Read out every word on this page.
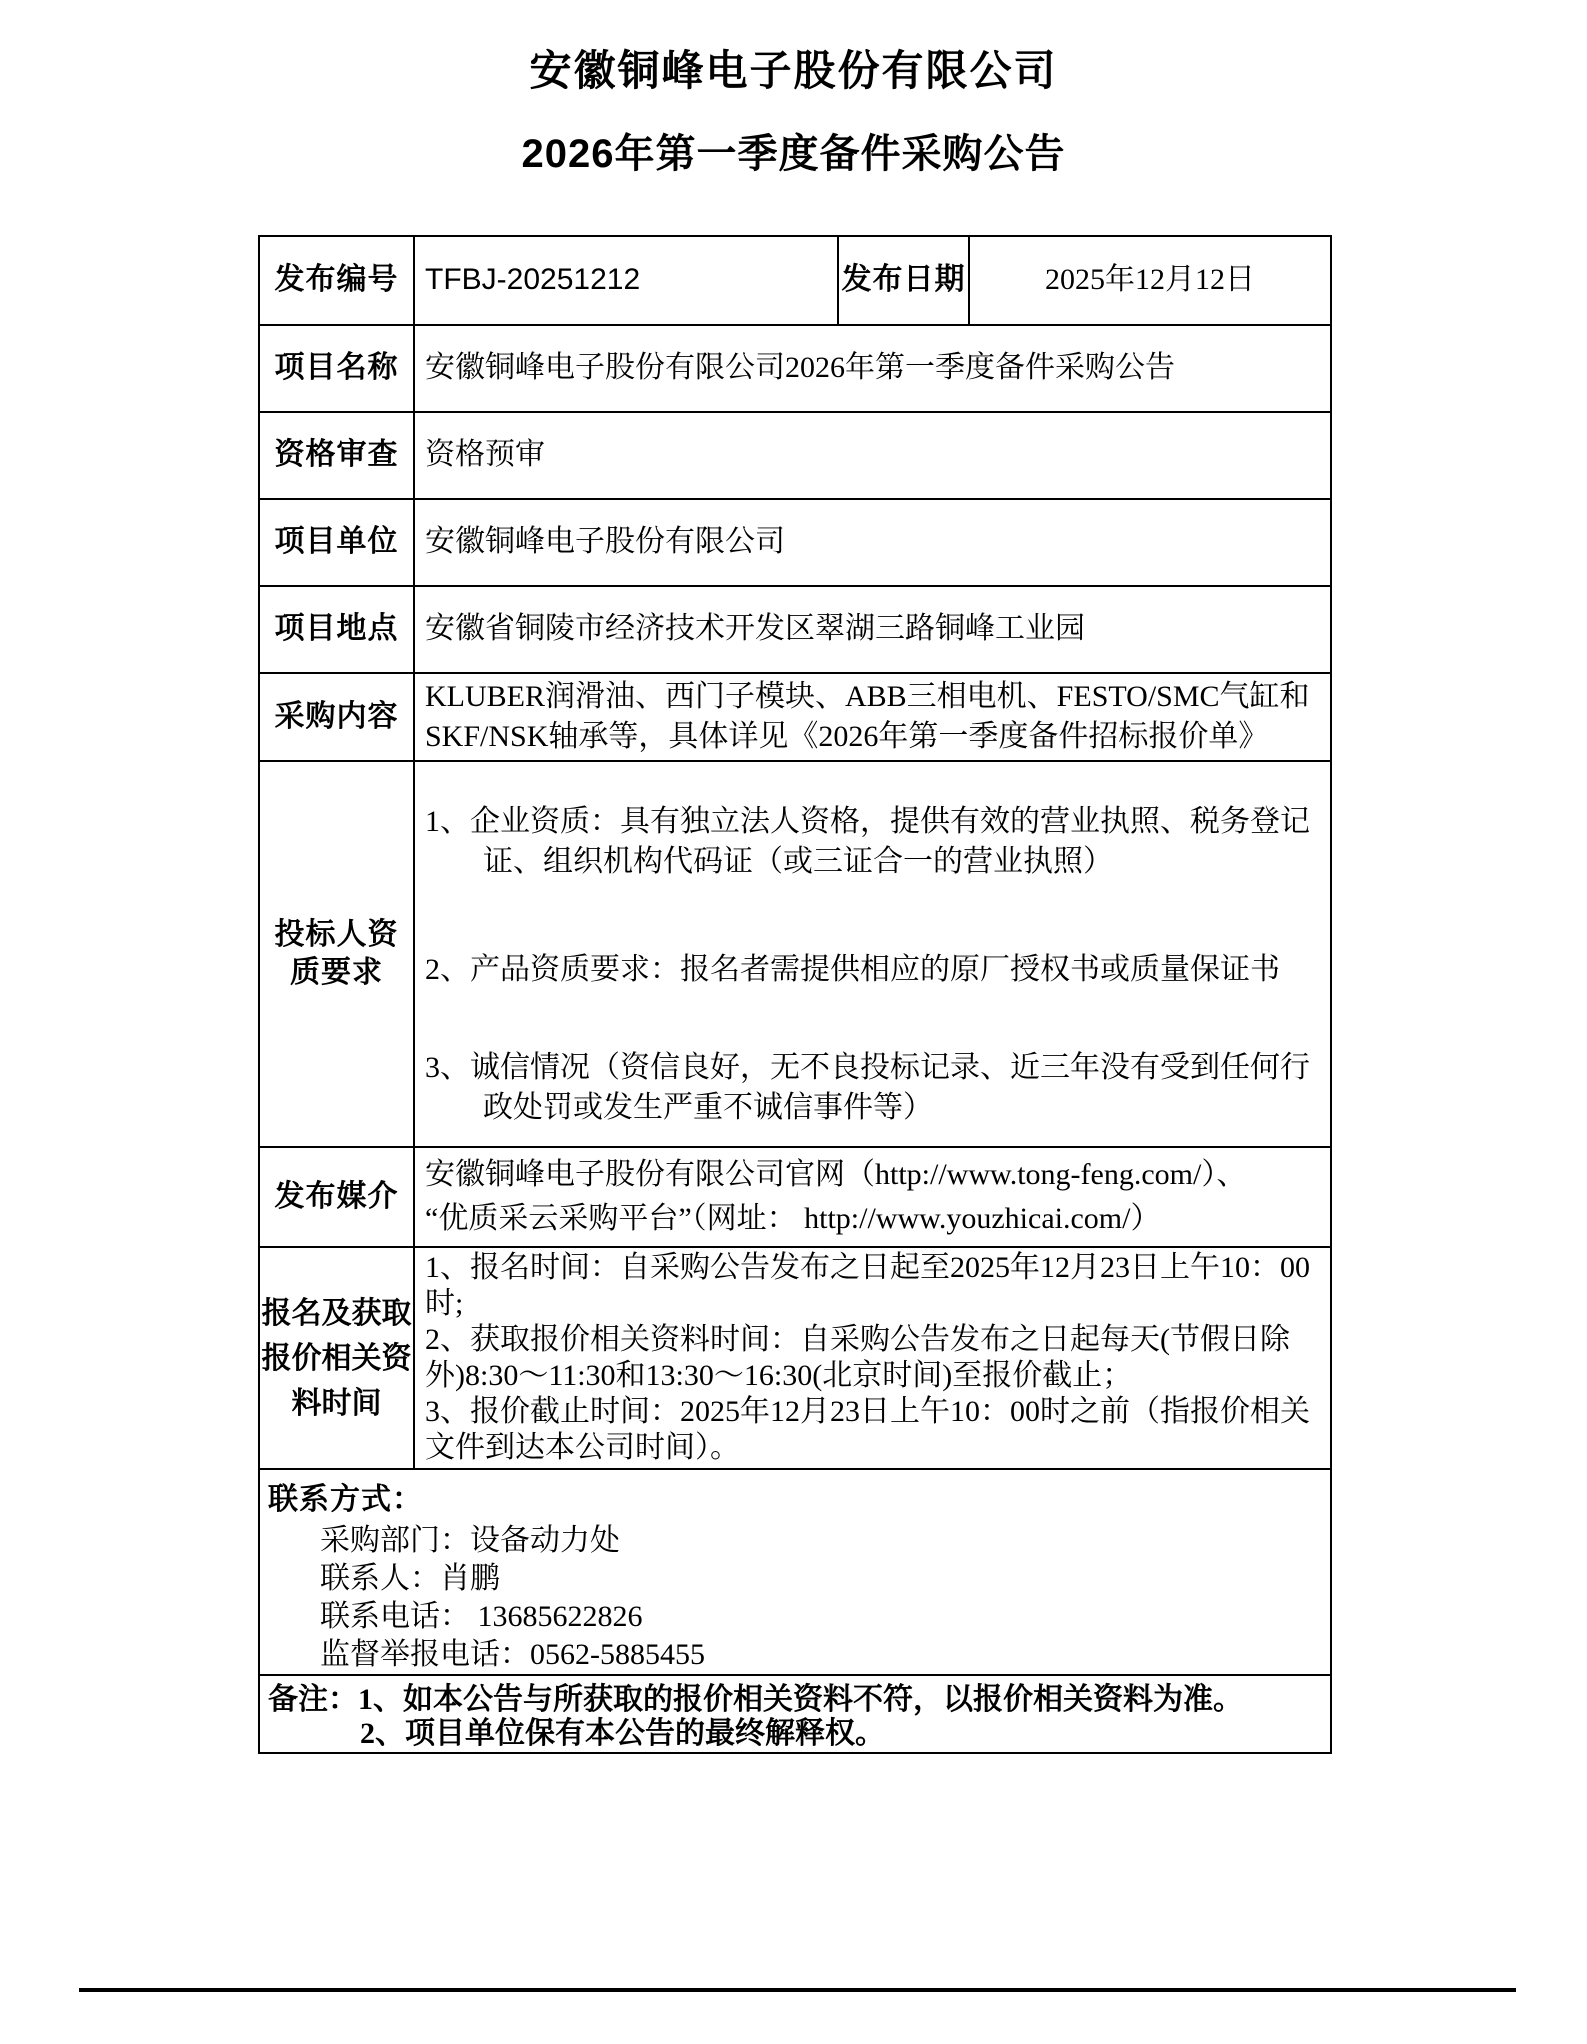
安徽铜峰电子股份有限公司
2026年第一季度备件采购公告
发布编号	TFBJ-20251212	发布日期	2025年12月12日
项目名称	安徽铜峰电子股份有限公司2026年第一季度备件采购公告		
资格审查	资格预审		
项目单位	安徽铜峰电子股份有限公司		
项目地点	安徽省铜陵市经济技术开发区翠湖三路铜峰工业园		
采购内容	KLUBER润滑油、西门子模块、ABB三相电机、FESTO/SMC气缸和SKF/NSK轴承等，具体详见《2026年第一季度备件招标报价单》		

投标人资质要求	1、企业资质：具有独立法人资格，提供有效的营业执照、税务登记证、组织机构代码证（或三证合一的营业执照）

2、产品资质要求：报名者需提供相应的原厂授权书或质量保证书

3、诚信情况（资信良好，无不良投标记录、近三年没有受到任何行政处罚或发生严重不诚信事件等）		

发布媒介	安徽铜峰电子股份有限公司官网（http://www.tong-feng.com/）、
“优质采云采购平台”（网址： http://www.youzhicai.com/）		

报名及获取报价相关资料时间	1、报名时间：自采购公告发布之日起至2025年12月23日上午10：00时;

2、获取报价相关资料时间：自采购公告发布之日起每天(节假日除外)8:30～11:30和13:30～16:30(北京时间)至报价截止；

3、报价截止时间：2025年12月23日上午10：00时之前（指报价相关文件到达本公司时间）。		

联系方式：
采购部门：设备动力处
联系人：肖鹏
联系电话： 13685622826
监督举报电话：0562-5885455			

备注：1、如本公告与所获取的报价相关资料不符，以报价相关资料为准。
2、项目单位保有本公告的最终解释权。			
